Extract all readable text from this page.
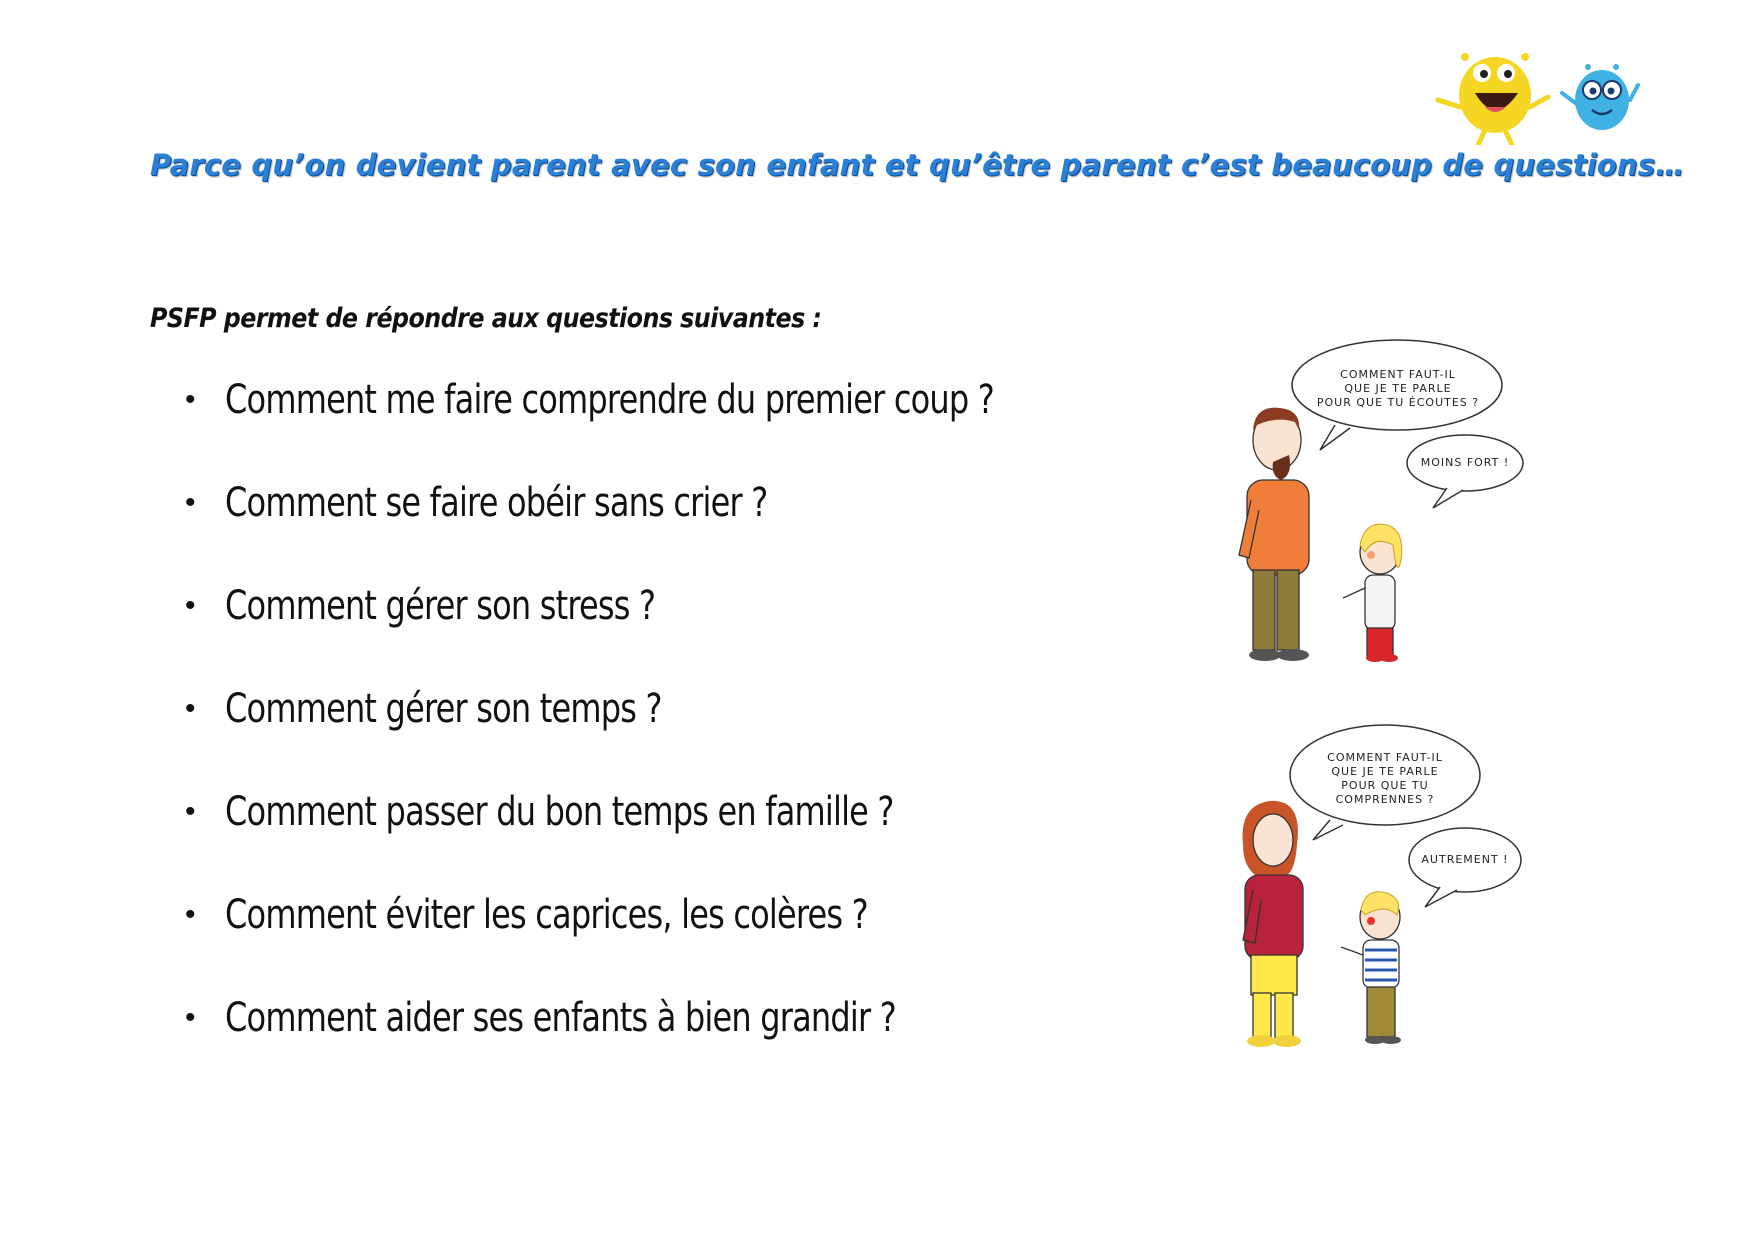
Parce qu’on devient parent avec son enfant et qu’être parent c’est beaucoup de questions…
PSFP permet de répondre aux questions suivantes :
• Comment me faire comprendre du premier coup ?
• Comment se faire obéir sans crier ?
• Comment gérer son stress ?
• Comment gérer son temps ?
• Comment passer du bon temps en famille ?
• Comment éviter les caprices, les colères ?
• Comment aider ses enfants à bien grandir ?
COMMENT FAUT-IL
QUE JE TE PARLE
POUR QUE TU ÉCOUTES ?
MOINS FORT !
COMMENT FAUT-IL
QUE JE TE PARLE
POUR QUE TU
COMPRENNES ?
AUTREMENT !
